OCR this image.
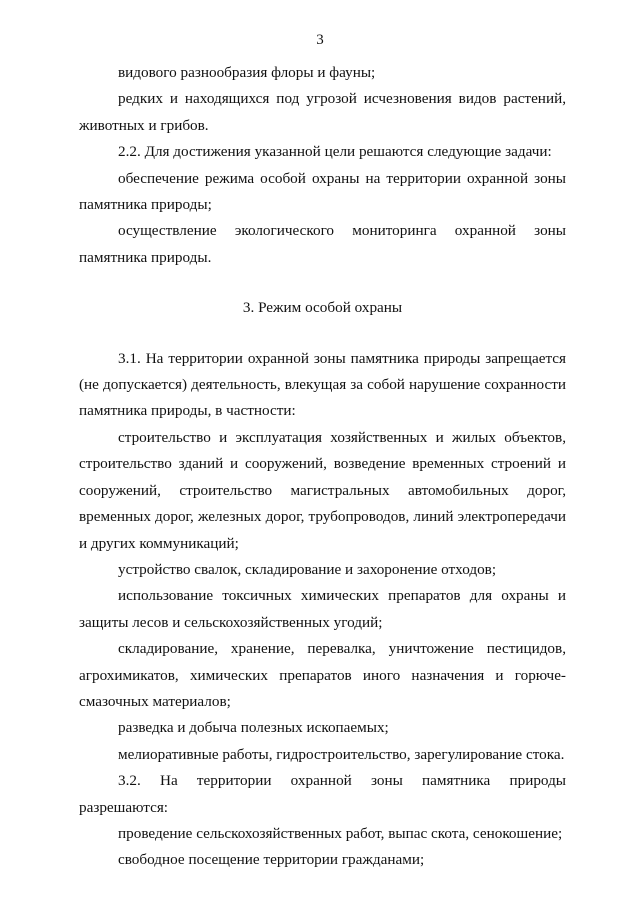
3

видового разнообразия флоры и фауны;

редких и находящихся под угрозой исчезновения видов растений, животных и грибов.

2.2. Для достижения указанной цели решаются следующие задачи:

обеспечение режима особой охраны на территории охранной зоны памятника природы;

осуществление экологического мониторинга охранной зоны памятника природы.

3. Режим особой охраны

3.1. На территории охранной зоны памятника природы запрещается (не допускается) деятельность, влекущая за собой нарушение сохранности памятника природы, в частности:

строительство и эксплуатация хозяйственных и жилых объектов, строительство зданий и сооружений, возведение временных строений и сооружений, строительство магистральных автомобильных дорог, временных дорог, железных дорог, трубопроводов, линий электропередачи и других коммуникаций;

устройство свалок, складирование и захоронение отходов;

использование токсичных химических препаратов для охраны и защиты лесов и сельскохозяйственных угодий;

складирование, хранение, перевалка, уничтожение пестицидов, агрохимикатов, химических препаратов иного назначения и горюче-смазочных материалов;

разведка и добыча полезных ископаемых;

мелиоративные работы, гидростроительство, зарегулирование стока.

3.2. На территории охранной зоны памятника природы разрешаются:

проведение сельскохозяйственных работ, выпас скота, сенокошение;

свободное посещение территории гражданами;
